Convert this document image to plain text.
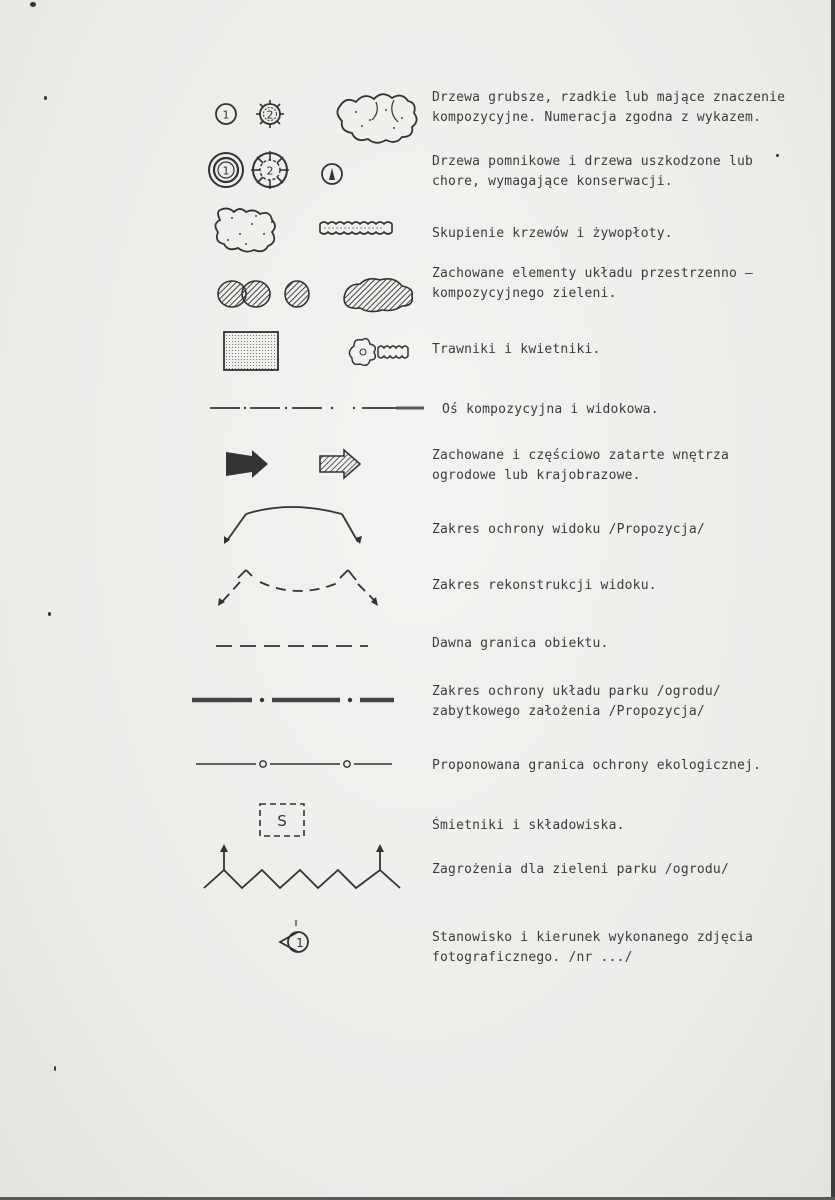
1	2
Drzewa grubsze, rzadkie lub mające znaczenie
kompozycyjne. Numeracja zgodna z wykazem.
1	2
Drzewa pomnikowe i drzewa uszkodzone lub
chore, wymagające konserwacji.
Skupienie krzewów i żywopłoty.
Zachowane elementy układu przestrzenno –
kompozycyjnego zieleni.
Trawniki i kwietniki.
Oś kompozycyjna i widokowa.
Zachowane i częściowo zatarte wnętrza
ogrodowe lub krajobrazowe.
Zakres ochrony widoku /Propozycja/
Zakres rekonstrukcji widoku.
Dawna granica obiektu.
Zakres ochrony układu parku /ogrodu/
zabytkowego założenia /Propozycja/
Proponowana granica ochrony ekologicznej.
S	Śmietniki i składowiska.
Zagrożenia dla zieleni parku /ogrodu/
1	Stanowisko i kierunek wykonanego zdjęcia
fotograficznego. /nr .../
